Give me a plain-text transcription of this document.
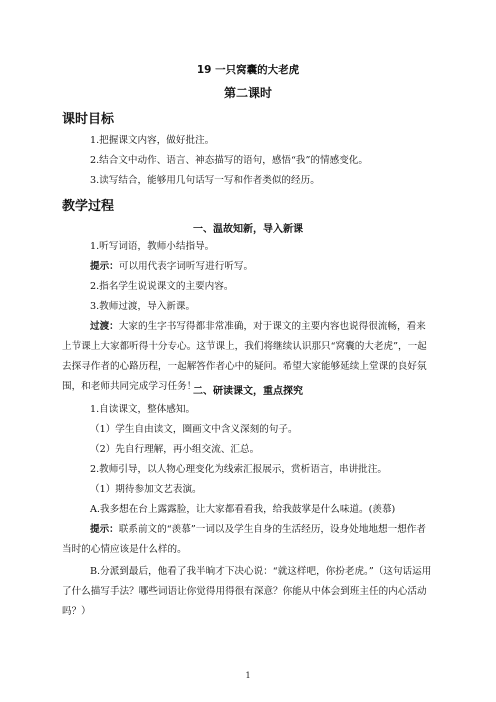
19 一只窝囊的大老虎
第二课时
课时目标
1.把握课文内容，做好批注。
2.结合文中动作、语言、神态描写的语句，感悟“我”的情感变化。
3.读写结合，能够用几句话写一写和作者类似的经历。
教学过程
一、温故知新，导入新课
1.听写词语，教师小结指导。
提示：可以用代表字词听写进行听写。
2.指名学生说说课文的主要内容。
3.教师过渡，导入新课。
过渡：大家的生字书写得都非常准确，对于课文的主要内容也说得很流畅，看来上节课上大家都听得十分专心。这节课上，我们将继续认识那只“窝囊的大老虎”，一起去探寻作者的心路历程，一起解答作者心中的疑问。希望大家能够延续上堂课的良好氛围，和老师共同完成学习任务！
二、研读课文，重点探究
1.自读课文，整体感知。
（1）学生自由读文，圈画文中含义深刻的句子。
（2）先自行理解，再小组交流、汇总。
2.教师引导，以人物心理变化为线索汇报展示，赏析语言，串讲批注。
（1）期待参加文艺表演。
A.我多想在台上露露脸，让大家都看看我，给我鼓掌是什么味道。(羡慕)
提示：联系前文的“羡慕”一词以及学生自身的生活经历，设身处地地想一想作者当时的心情应该是什么样的。
B.分派到最后，他看了我半晌才下决心说：“就这样吧，你扮老虎。”（这句话运用了什么描写手法？哪些词语让你觉得用得很有深意？你能从中体会到班主任的内心活动吗？）
1
